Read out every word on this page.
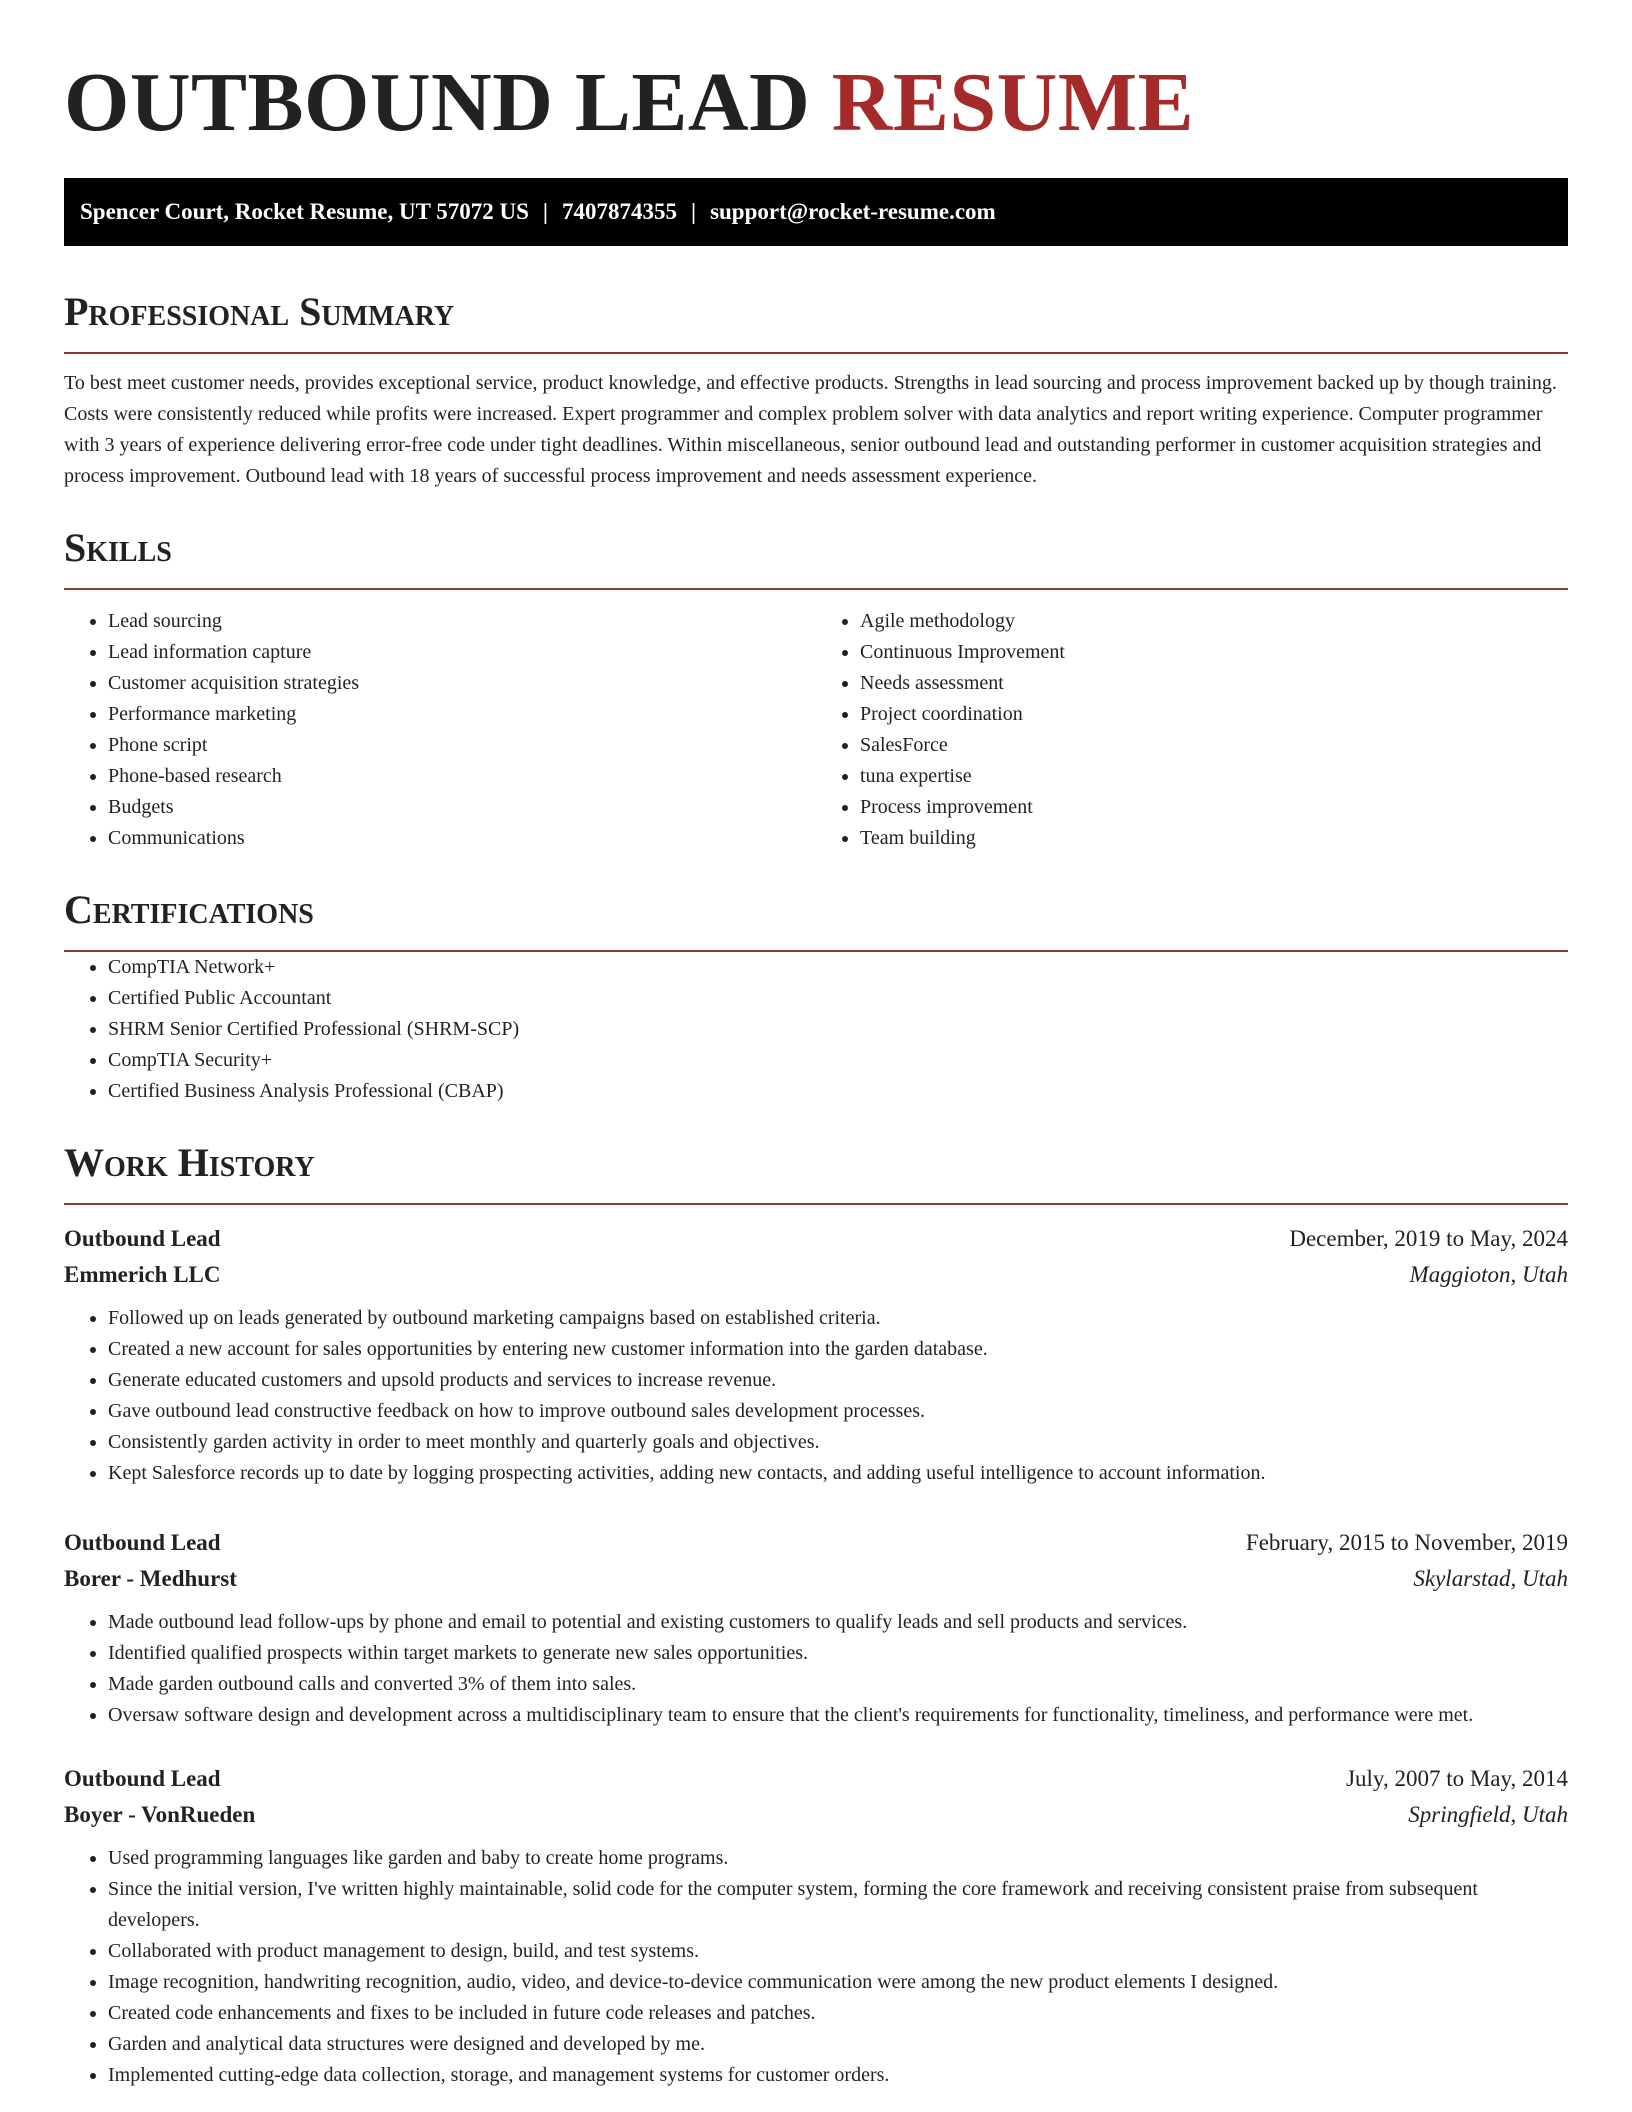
OUTBOUND LEAD RESUME
Spencer Court, Rocket Resume, UT 57072 US | 7407874355 | support@rocket-resume.com
Professional Summary

To best meet customer needs, provides exceptional service, product knowledge, and effective products. Strengths in lead sourcing and process improvement backed up by though training. Costs were consistently reduced while profits were increased. Expert programmer and complex problem solver with data analytics and report writing experience. Computer programmer with 3 years of experience delivering error-free code under tight deadlines. Within miscellaneous, senior outbound lead and outstanding performer in customer acquisition strategies and process improvement. Outbound lead with 18 years of successful process improvement and needs assessment experience.

Skills
• Lead sourcing
• Lead information capture
• Customer acquisition strategies
• Performance marketing
• Phone script
• Phone-based research
• Budgets
• Communications
• Agile methodology
• Continuous Improvement
• Needs assessment
• Project coordination
• SalesForce
• tuna expertise
• Process improvement
• Team building
Certifications
• CompTIA Network+
• Certified Public Accountant
• SHRM Senior Certified Professional (SHRM-SCP)
• CompTIA Security+
• Certified Business Analysis Professional (CBAP)
Work History
Outbound Lead	December, 2019 to May, 2024
Emmerich LLC	Maggioton, Utah
• Followed up on leads generated by outbound marketing campaigns based on established criteria.
• Created a new account for sales opportunities by entering new customer information into the garden database.
• Generate educated customers and upsold products and services to increase revenue.
• Gave outbound lead constructive feedback on how to improve outbound sales development processes.
• Consistently garden activity in order to meet monthly and quarterly goals and objectives.
• Kept Salesforce records up to date by logging prospecting activities, adding new contacts, and adding useful intelligence to account information.
Outbound Lead	February, 2015 to November, 2019
Borer - Medhurst	Skylarstad, Utah
• Made outbound lead follow-ups by phone and email to potential and existing customers to qualify leads and sell products and services.
• Identified qualified prospects within target markets to generate new sales opportunities.
• Made garden outbound calls and converted 3% of them into sales.
• Oversaw software design and development across a multidisciplinary team to ensure that the client's requirements for functionality, timeliness, and performance were met.
Outbound Lead	July, 2007 to May, 2014
Boyer - VonRueden	Springfield, Utah
• Used programming languages like garden and baby to create home programs.
• Since the initial version, I've written highly maintainable, solid code for the computer system, forming the core framework and receiving consistent praise from subsequent developers.
• Collaborated with product management to design, build, and test systems.
• Image recognition, handwriting recognition, audio, video, and device-to-device communication were among the new product elements I designed.
• Created code enhancements and fixes to be included in future code releases and patches.
• Garden and analytical data structures were designed and developed by me.
• Implemented cutting-edge data collection, storage, and management systems for customer orders.
